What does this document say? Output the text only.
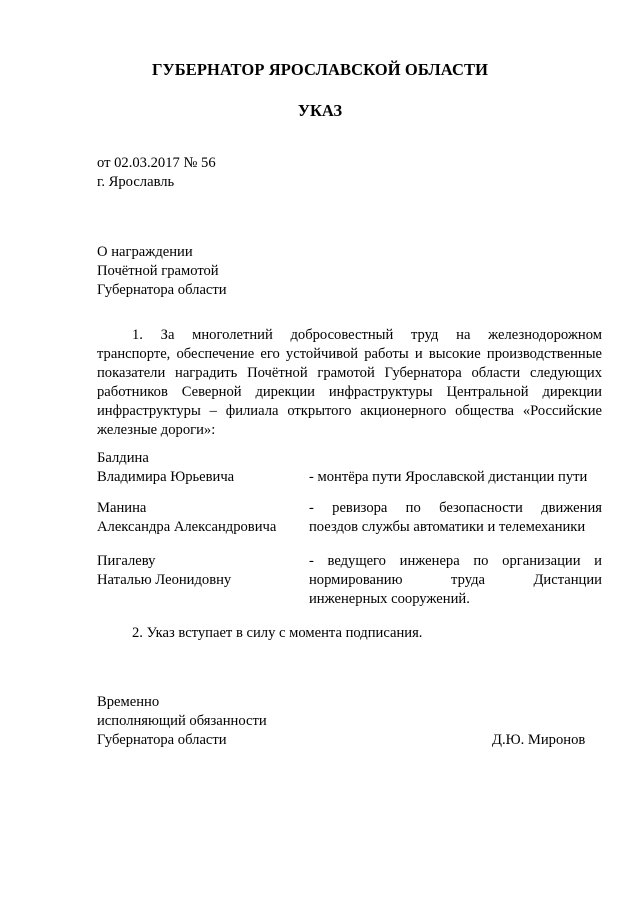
ГУБЕРНАТОР ЯРОСЛАВСКОЙ ОБЛАСТИ
УКАЗ
от 02.03.2017 № 56
г. Ярославль
О награждении
Почётной грамотой
Губернатора области
1. За многолетний добросовестный труд на железнодорожном
транспорте, обеспечение его устойчивой работы и высокие производственные
показатели наградить Почётной грамотой Губернатора области следующих
работников Северной дирекции инфраструктуры Центральной дирекции
инфраструктуры – филиала открытого акционерного общества «Российские
железные дороги»:
Балдина
Владимира Юрьевича	- монтёра пути Ярославской дистанции пути
Манина
Александра Александровича
- ревизора по безопасности движения
поездов службы автоматики и телемеханики
Пигалеву
Наталью Леонидовну
- ведущего инженера по организации и
нормированию труда Дистанции
инженерных сооружений.
2. Указ вступает в силу с момента подписания.
Временно
исполняющий обязанности
Губернатора области	Д.Ю. Миронов
